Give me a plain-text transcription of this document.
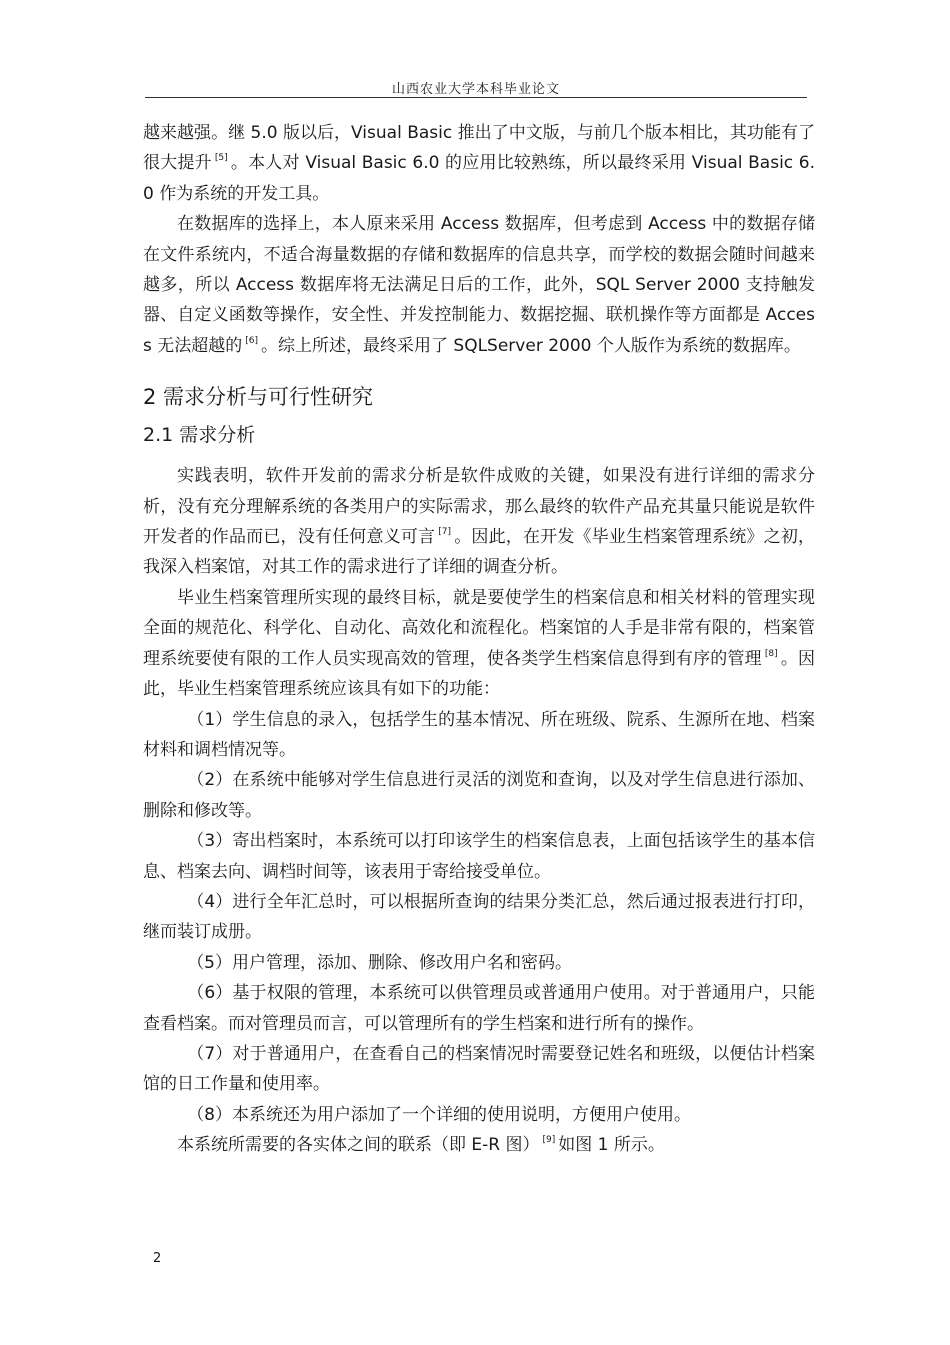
山西农业大学本科毕业论文

越来越强。继 5.0 版以后，Visual Basic 推出了中文版，与前几个版本相比，其功能有了很大提升 [5] 。本人对 Visual Basic 6.0 的应用比较熟练，所以最终采用 Visual Basic 6.0 作为系统的开发工具。

在数据库的选择上，本人原来采用 Access 数据库，但考虑到 Access 中的数据存储在文件系统内，不适合海量数据的存储和数据库的信息共享，而学校的数据会随时间越来越多，所以 Access 数据库将无法满足日后的工作，此外，SQL Server 2000 支持触发器、自定义函数等操作，安全性、并发控制能力、数据挖掘、联机操作等方面都是 Access 无法超越的 [6] 。综上所述，最终采用了 SQLServer 2000 个人版作为系统的数据库。

2 需求分析与可行性研究
2.1 需求分析

实践表明，软件开发前的需求分析是软件成败的关键，如果没有进行详细的需求分析，没有充分理解系统的各类用户的实际需求，那么最终的软件产品充其量只能说是软件开发者的作品而已，没有任何意义可言 [7] 。因此，在开发《毕业生档案管理系统》之初，我深入档案馆，对其工作的需求进行了详细的调查分析。

毕业生档案管理所实现的最终目标，就是要使学生的档案信息和相关材料的管理实现全面的规范化、科学化、自动化、高效化和流程化。档案馆的人手是非常有限的，档案管理系统要使有限的工作人员实现高效的管理，使各类学生档案信息得到有序的管理 [8] 。因此，毕业生档案管理系统应该具有如下的功能：

（1）学生信息的录入，包括学生的基本情况、所在班级、院系、生源所在地、档案材料和调档情况等。

（2）在系统中能够对学生信息进行灵活的浏览和查询，以及对学生信息进行添加、删除和修改等。

（3）寄出档案时，本系统可以打印该学生的档案信息表，上面包括该学生的基本信息、档案去向、调档时间等，该表用于寄给接受单位。

（4）进行全年汇总时，可以根据所查询的结果分类汇总，然后通过报表进行打印，继而装订成册。

（5）用户管理，添加、删除、修改用户名和密码。

（6）基于权限的管理，本系统可以供管理员或普通用户使用。对于普通用户，只能查看档案。而对管理员而言，可以管理所有的学生档案和进行所有的操作。

（7）对于普通用户，在查看自己的档案情况时需要登记姓名和班级，以便估计档案馆的日工作量和使用率。

（8）本系统还为用户添加了一个详细的使用说明，方便用户使用。

本系统所需要的各实体之间的联系（即 E-R 图） [9] 如图 1 所示。

2
